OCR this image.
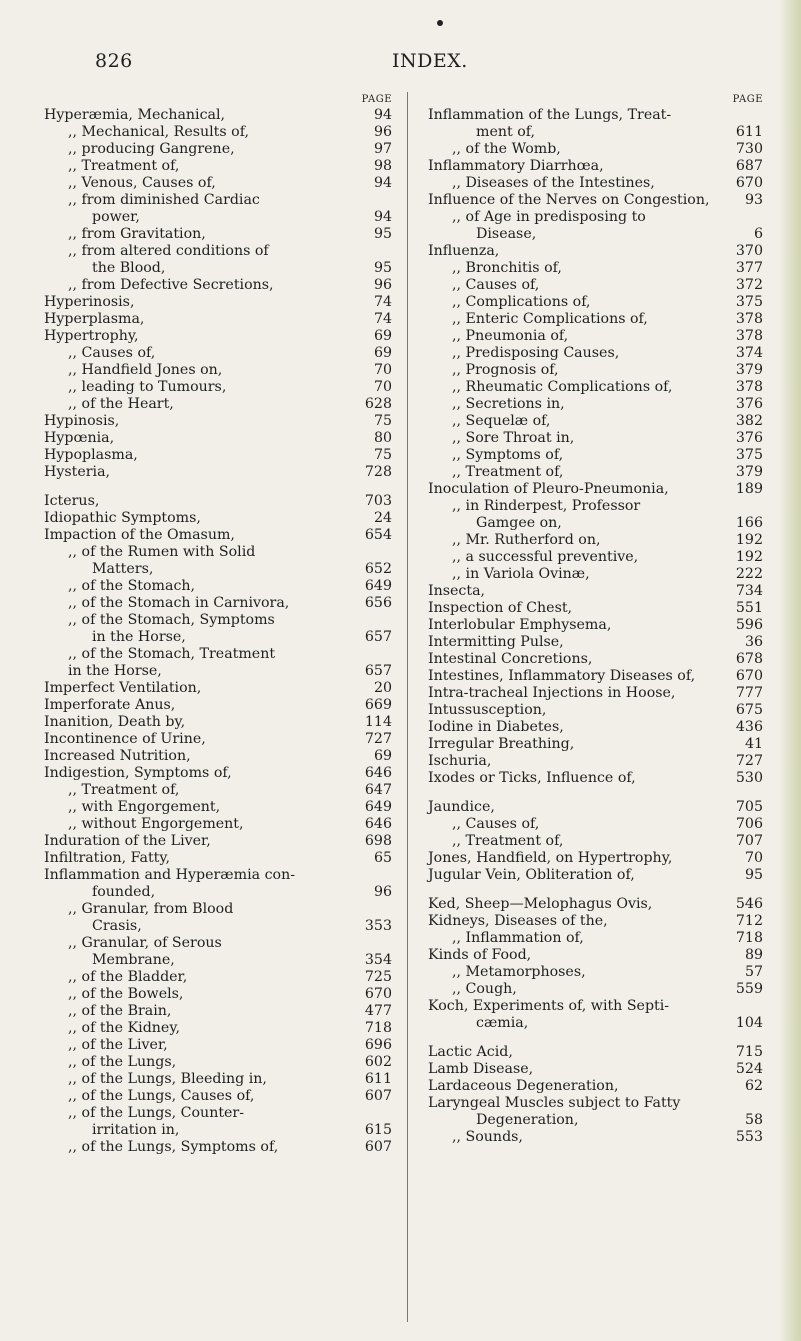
826	INDEX.
PAGE
Hyperæmia, Mechanical,	94
,, Mechanical, Results of,	96
,, producing Gangrene,	97
,, Treatment of,	98
,, Venous, Causes of,	94
,, from diminished Cardiac
power,	94
,, from Gravitation,	95
,, from altered conditions of
the Blood,	95
,, from Defective Secretions,	96
Hyperinosis,	74
Hyperplasma,	74
Hypertrophy,	69
,, Causes of,	69
,, Handfield Jones on,	70
,, leading to Tumours,	70
,, of the Heart,	628
Hypinosis,	75
Hypœnia,	80
Hypoplasma,	75
Hysteria,	728
Icterus,	703
Idiopathic Symptoms,	24
Impaction of the Omasum,	654
,, of the Rumen with Solid
Matters,	652
,, of the Stomach,	649
,, of the Stomach in Carnivora,	656
,, of the Stomach, Symptoms
in the Horse,	657
,, of the Stomach, Treatment
in the Horse,	657
Imperfect Ventilation,	20
Imperforate Anus,	669
Inanition, Death by,	114
Incontinence of Urine,	727
Increased Nutrition,	69
Indigestion, Symptoms of,	646
,, Treatment of,	647
,, with Engorgement,	649
,, without Engorgement,	646
Induration of the Liver,	698
Infiltration, Fatty,	65
Inflammation and Hyperæmia con-
founded,	96
,, Granular, from Blood
Crasis,	353
,, Granular, of Serous
Membrane,	354
,, of the Bladder,	725
,, of the Bowels,	670
,, of the Brain,	477
,, of the Kidney,	718
,, of the Liver,	696
,, of the Lungs,	602
,, of the Lungs, Bleeding in,	611
,, of the Lungs, Causes of,	607
,, of the Lungs, Counter-
irritation in,	615
,, of the Lungs, Symptoms of,	607
PAGE
Inflammation of the Lungs, Treat-
ment of,	611
,, of the Womb,	730
Inflammatory Diarrhœa,	687
,, Diseases of the Intestines,	670
Influence of the Nerves on Congestion, 93
,, of Age in predisposing to
Disease,	6
Influenza,	370
,, Bronchitis of,	377
,, Causes of,	372
,, Complications of,	375
,, Enteric Complications of,	378
,, Pneumonia of,	378
,, Predisposing Causes,	374
,, Prognosis of,	379
,, Rheumatic Complications of,	378
,, Secretions in,	376
,, Sequelæ of,	382
,, Sore Throat in,	376
,, Symptoms of,	375
,, Treatment of,	379
Inoculation of Pleuro-Pneumonia,	189
,, in Rinderpest, Professor
Gamgee on,	166
,, Mr. Rutherford on,	192
,, a successful preventive,	192
,, in Variola Ovinæ,	222
Insecta,	734
Inspection of Chest,	551
Interlobular Emphysema,	596
Intermitting Pulse,	36
Intestinal Concretions,	678
Intestines, Inflammatory Diseases of,	670
Intra-tracheal Injections in Hoose,	777
Intussusception,	675
Iodine in Diabetes,	436
Irregular Breathing,	41
Ischuria,	727
Ixodes or Ticks, Influence of,	530
Jaundice,	705
,, Causes of,	706
,, Treatment of,	707
Jones, Handfield, on Hypertrophy,	70
Jugular Vein, Obliteration of,	95
Ked, Sheep—Melophagus Ovis,	546
Kidneys, Diseases of the,	712
,, Inflammation of,	718
Kinds of Food,	89
,, Metamorphoses,	57
,, Cough,	559
Koch, Experiments of, with Septi-
cæmia,	104
Lactic Acid,	715
Lamb Disease,	524
Lardaceous Degeneration,	62
Laryngeal Muscles subject to Fatty
Degeneration,	58
,, Sounds,	553
